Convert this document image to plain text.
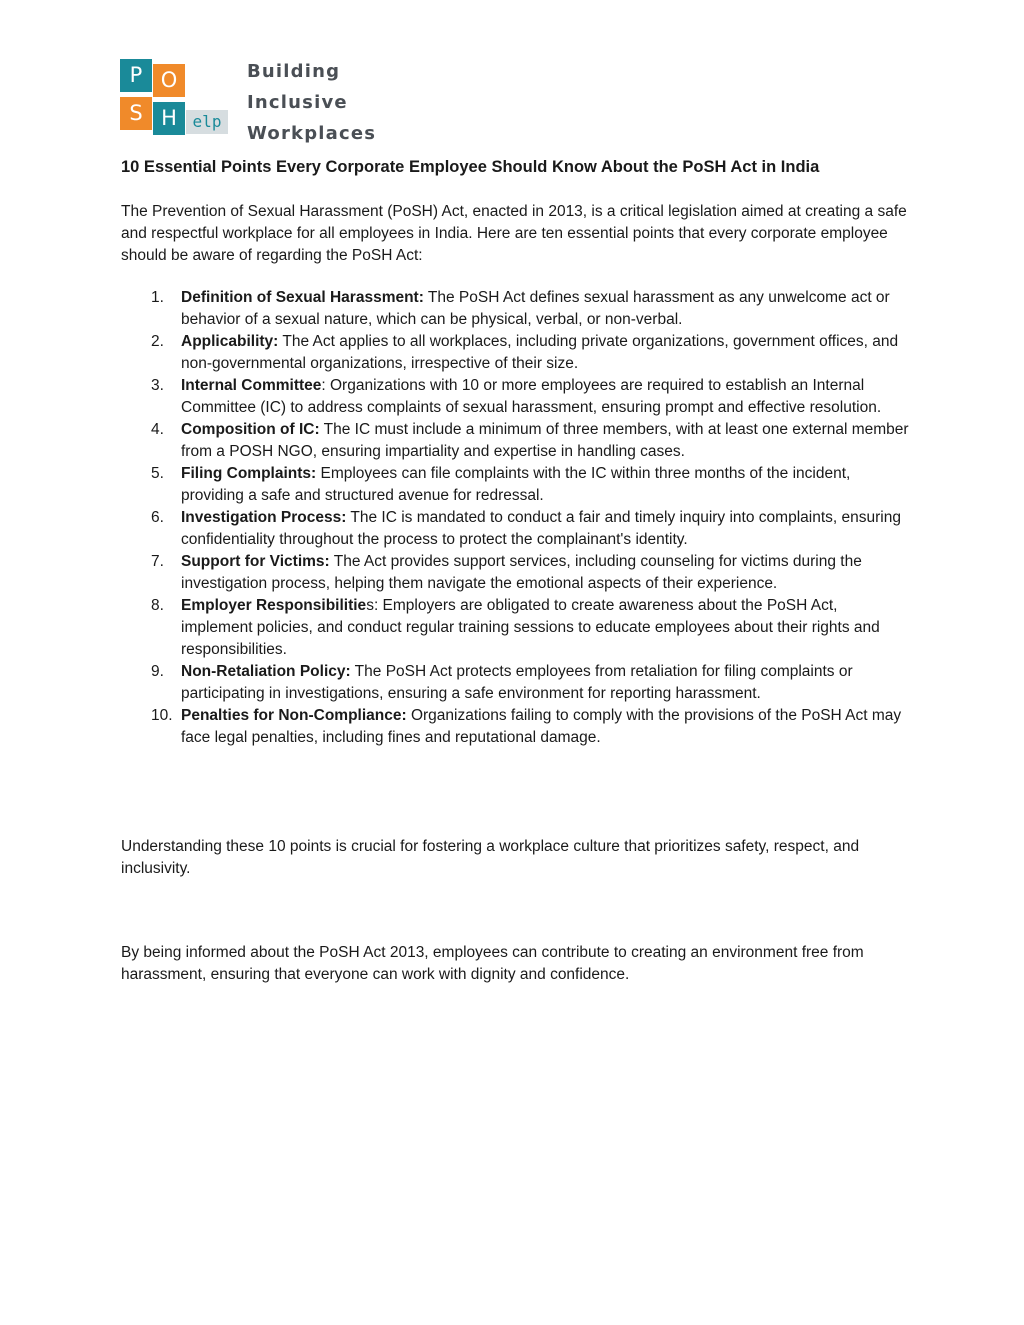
P O
S H elp
Building
Inclusive
Workplaces
10 Essential Points Every Corporate Employee Should Know About the PoSH Act in India

The Prevention of Sexual Harassment (PoSH) Act, enacted in 2013, is a critical legislation aimed at creating a safe and respectful workplace for all employees in India. Here are ten essential points that every corporate employee should be aware of regarding the PoSH Act:

1. Definition of Sexual Harassment: The PoSH Act defines sexual harassment as any unwelcome act or behavior of a sexual nature, which can be physical, verbal, or non-verbal.
2. Applicability: The Act applies to all workplaces, including private organizations, government offices, and non-governmental organizations, irrespective of their size.
3. Internal Committee: Organizations with 10 or more employees are required to establish an Internal Committee (IC) to address complaints of sexual harassment, ensuring prompt and effective resolution.
4. Composition of IC: The IC must include a minimum of three members, with at least one external member from a POSH NGO, ensuring impartiality and expertise in handling cases.
5. Filing Complaints: Employees can file complaints with the IC within three months of the incident, providing a safe and structured avenue for redressal.
6. Investigation Process: The IC is mandated to conduct a fair and timely inquiry into complaints, ensuring confidentiality throughout the process to protect the complainant's identity.
7. Support for Victims: The Act provides support services, including counseling for victims during the investigation process, helping them navigate the emotional aspects of their experience.
8. Employer Responsibilities: Employers are obligated to create awareness about the PoSH Act, implement policies, and conduct regular training sessions to educate employees about their rights and responsibilities.
9. Non-Retaliation Policy: The PoSH Act protects employees from retaliation for filing complaints or participating in investigations, ensuring a safe environment for reporting harassment.
10. Penalties for Non-Compliance: Organizations failing to comply with the provisions of the PoSH Act may face legal penalties, including fines and reputational damage.

Understanding these 10 points is crucial for fostering a workplace culture that prioritizes safety, respect, and inclusivity.

By being informed about the PoSH Act 2013, employees can contribute to creating an environment free from harassment, ensuring that everyone can work with dignity and confidence.
